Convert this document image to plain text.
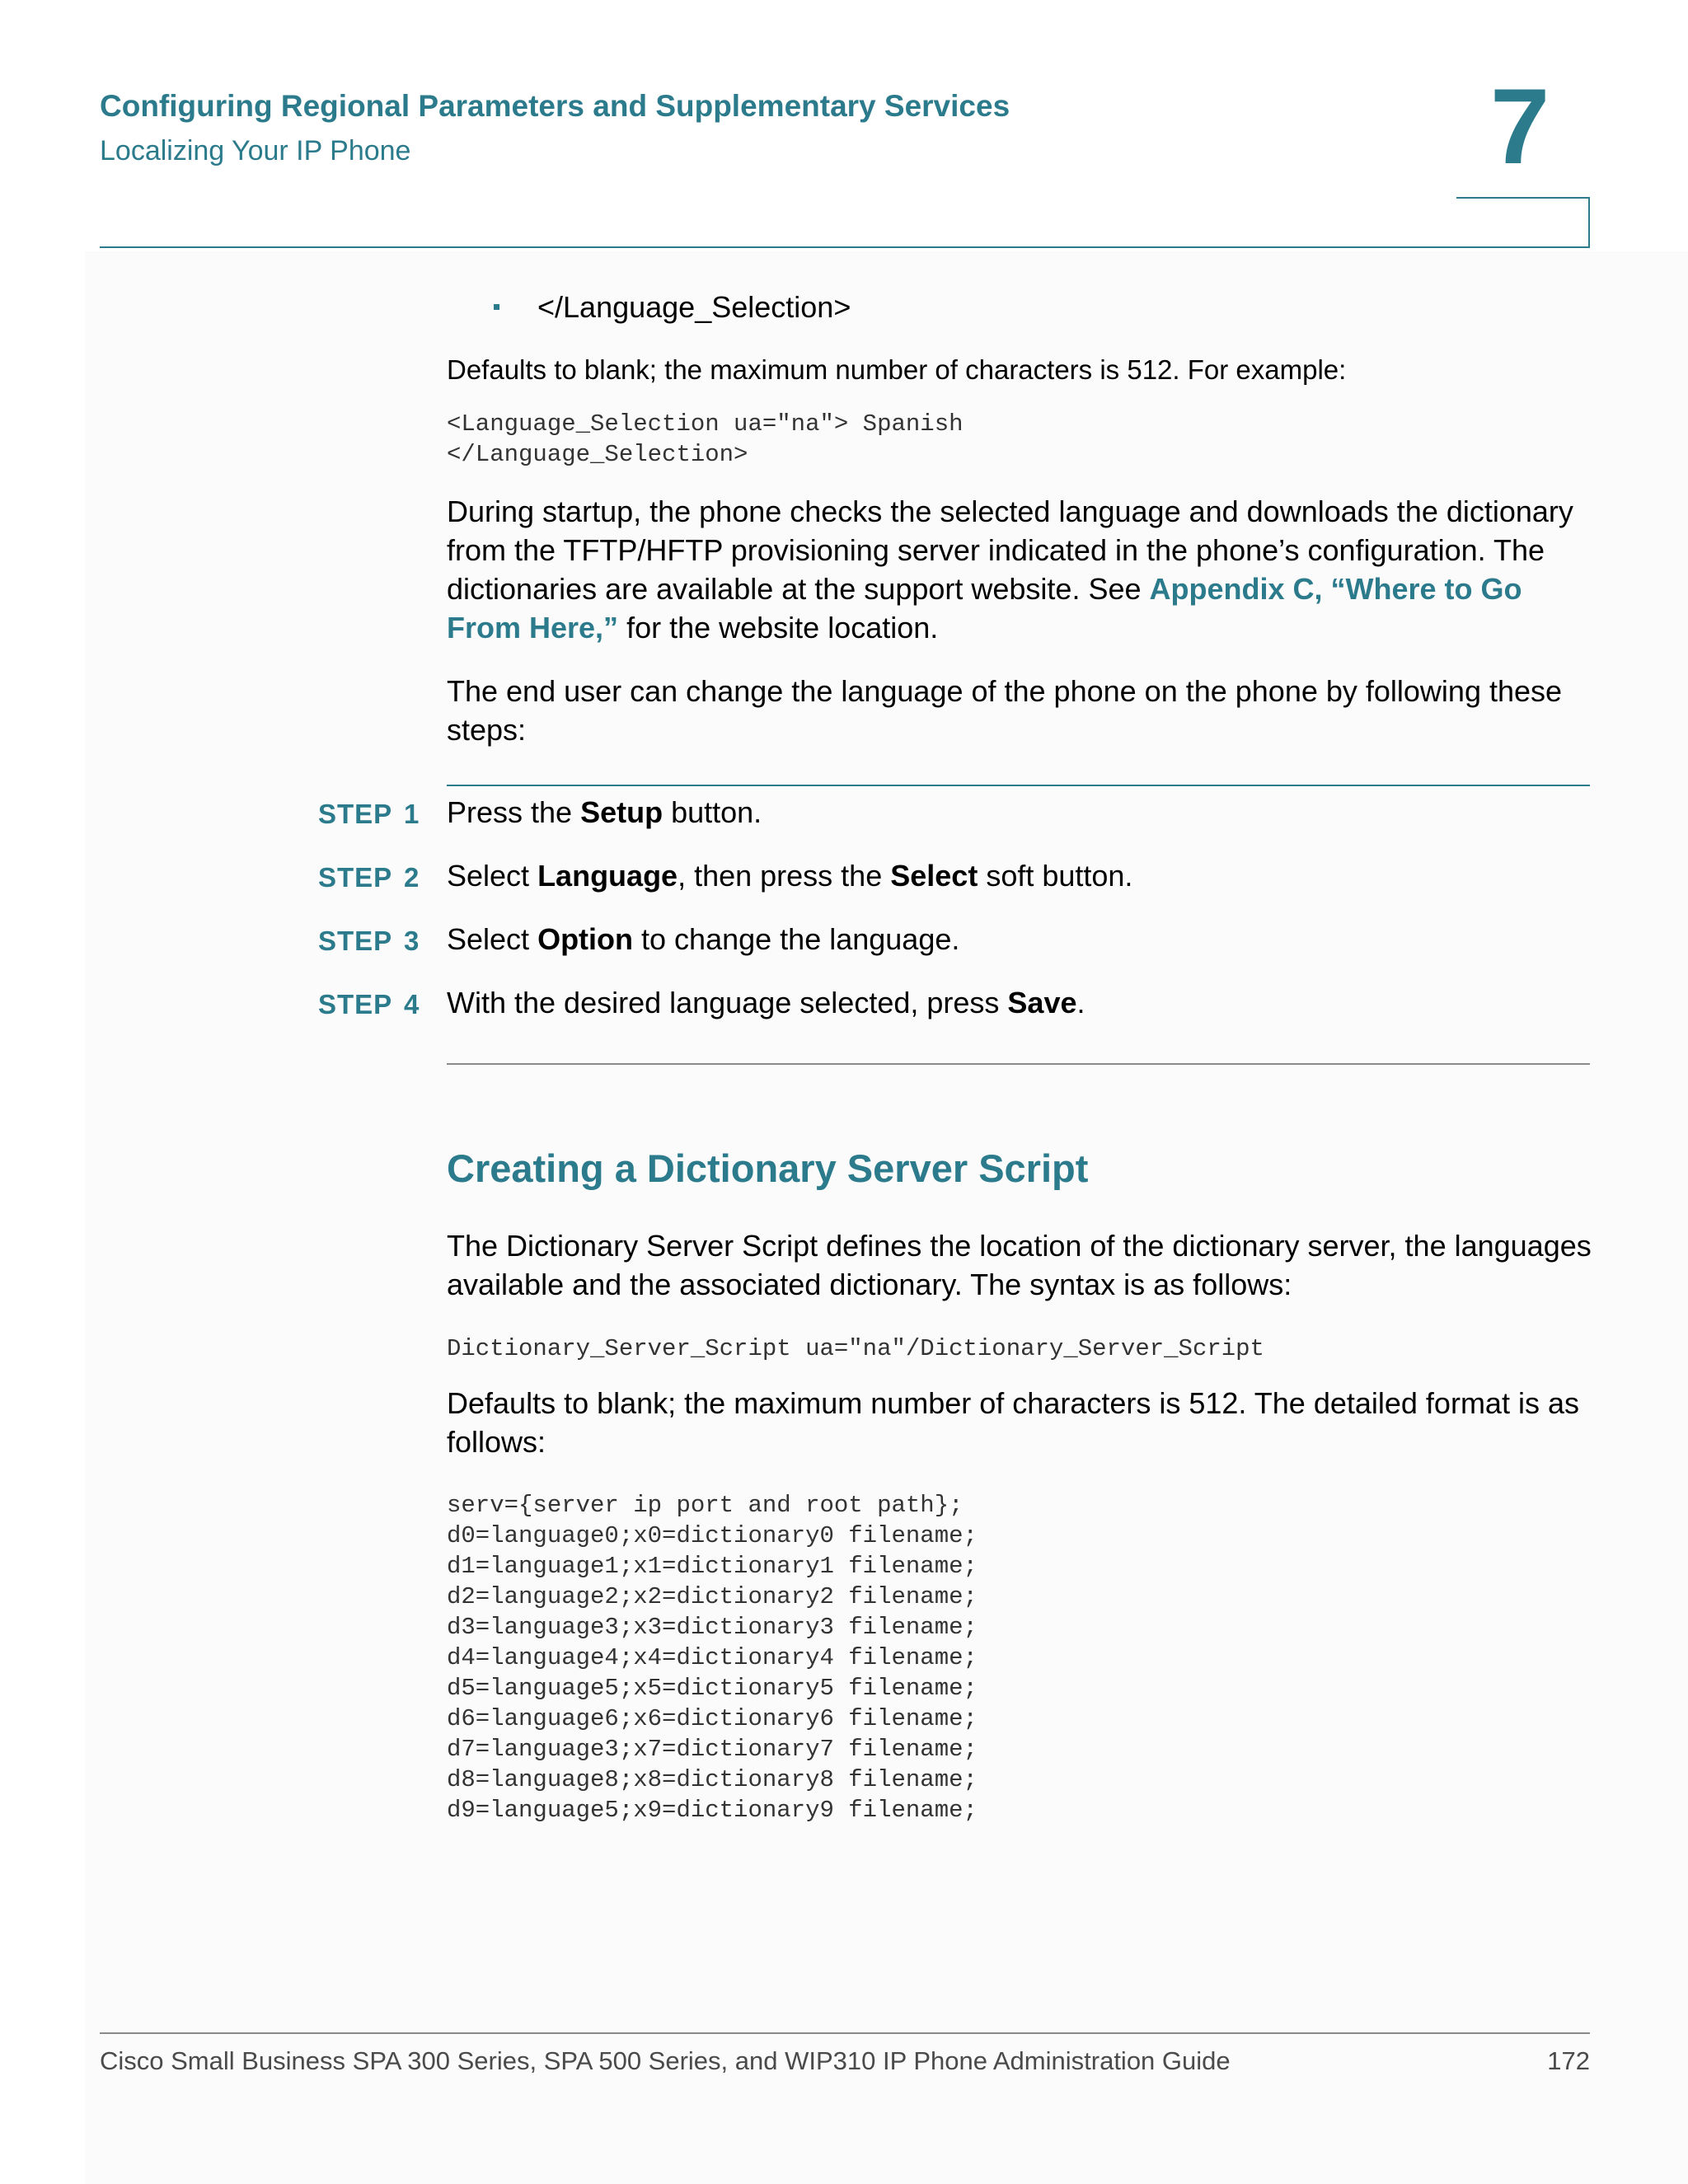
Configuring Regional Parameters and Supplementary Services
Localizing Your IP Phone	7
</Language_Selection>
Defaults to blank; the maximum number of characters is 512. For example:
<Language_Selection ua="na"> Spanish
</Language_Selection>
During startup, the phone checks the selected language and downloads the dictionary from the TFTP/HFTP provisioning server indicated in the phone’s configuration. The dictionaries are available at the support website. See Appendix C, “Where to Go From Here,” for the website location.
The end user can change the language of the phone on the phone by following these steps:
STEP 1 Press the Setup button.
STEP 2 Select Language, then press the Select soft button.
STEP 3 Select Option to change the language.
STEP 4 With the desired language selected, press Save.
Creating a Dictionary Server Script
The Dictionary Server Script defines the location of the dictionary server, the languages available and the associated dictionary. The syntax is as follows:
Dictionary_Server_Script ua="na"/Dictionary_Server_Script
Defaults to blank; the maximum number of characters is 512. The detailed format is as follows:
serv={server ip port and root path};
d0=language0;x0=dictionary0 filename;
d1=language1;x1=dictionary1 filename;
d2=language2;x2=dictionary2 filename;
d3=language3;x3=dictionary3 filename;
d4=language4;x4=dictionary4 filename;
d5=language5;x5=dictionary5 filename;
d6=language6;x6=dictionary6 filename;
d7=language3;x7=dictionary7 filename;
d8=language8;x8=dictionary8 filename;
d9=language5;x9=dictionary9 filename;
Cisco Small Business SPA 300 Series, SPA 500 Series, and WIP310 IP Phone Administration Guide	172
